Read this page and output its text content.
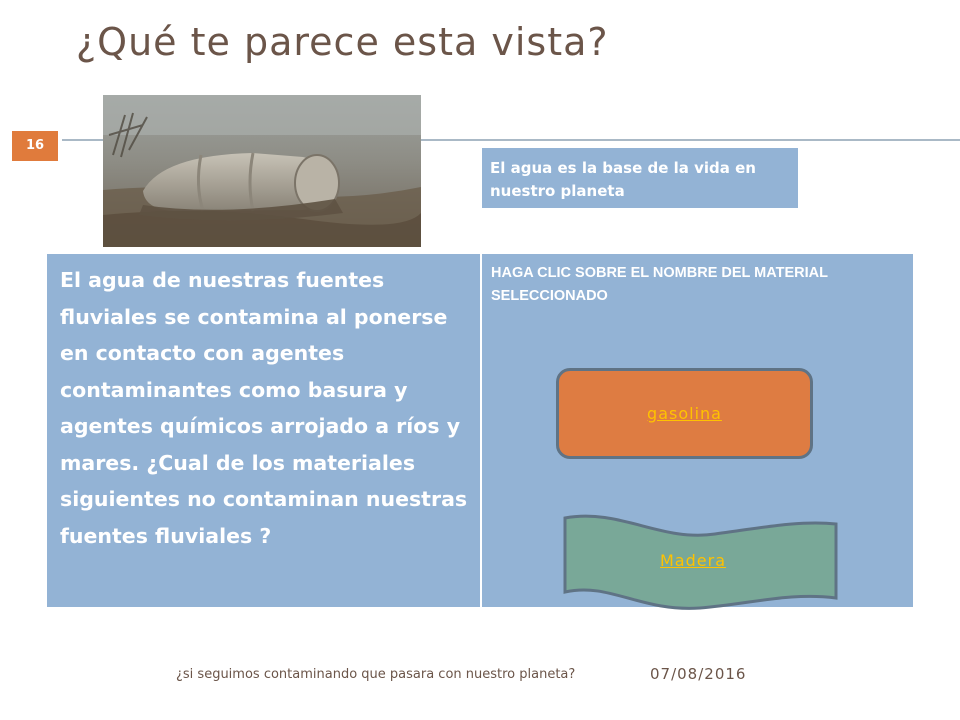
¿Qué te parece esta vista?
16
El agua es la base de la vida en nuestro planeta
El agua de nuestras fuentes fluviales se contamina al ponerse en contacto con agentes contaminantes como basura y agentes químicos arrojado a ríos y mares. ¿Cual de los materiales siguientes no contaminan nuestras fuentes fluviales ?
HAGA CLIC SOBRE EL NOMBRE DEL MATERIAL SELECCIONADO
gasolina
Madera
¿si seguimos contaminando que pasara con nuestro planeta?	07/08/2016
